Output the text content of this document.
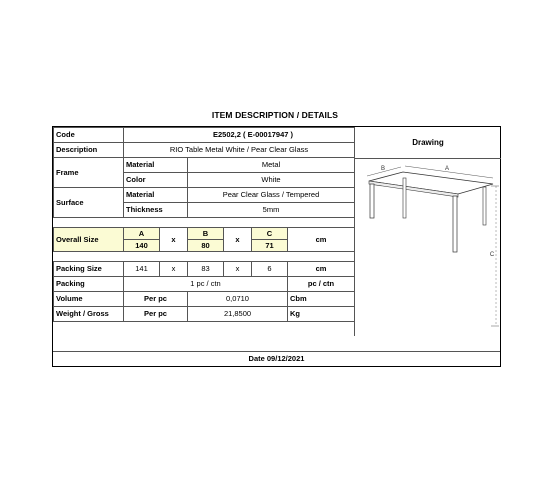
ITEM DESCRIPTION / DETAILS
Code	E2502,2 ( E-00017947 )					
Description	RIO Table Metal White / Pear Clear Glass					
Frame	Material		Metal			
	Color		White			
Surface	Material		Pear Clear Glass / Tempered			
	Thickness		5mm			

Overall Size	A	x	B	x	C	cm
	140		80		71	

Packing Size	141	x	83	x	6	cm
Packing	1 pc / ctn					pc / ctn
Volume	Per pc		0,0710			Cbm
Weight / Gross	Per pc		21,8500			Kg
Drawing
A
B
C
Date 09/12/2021
